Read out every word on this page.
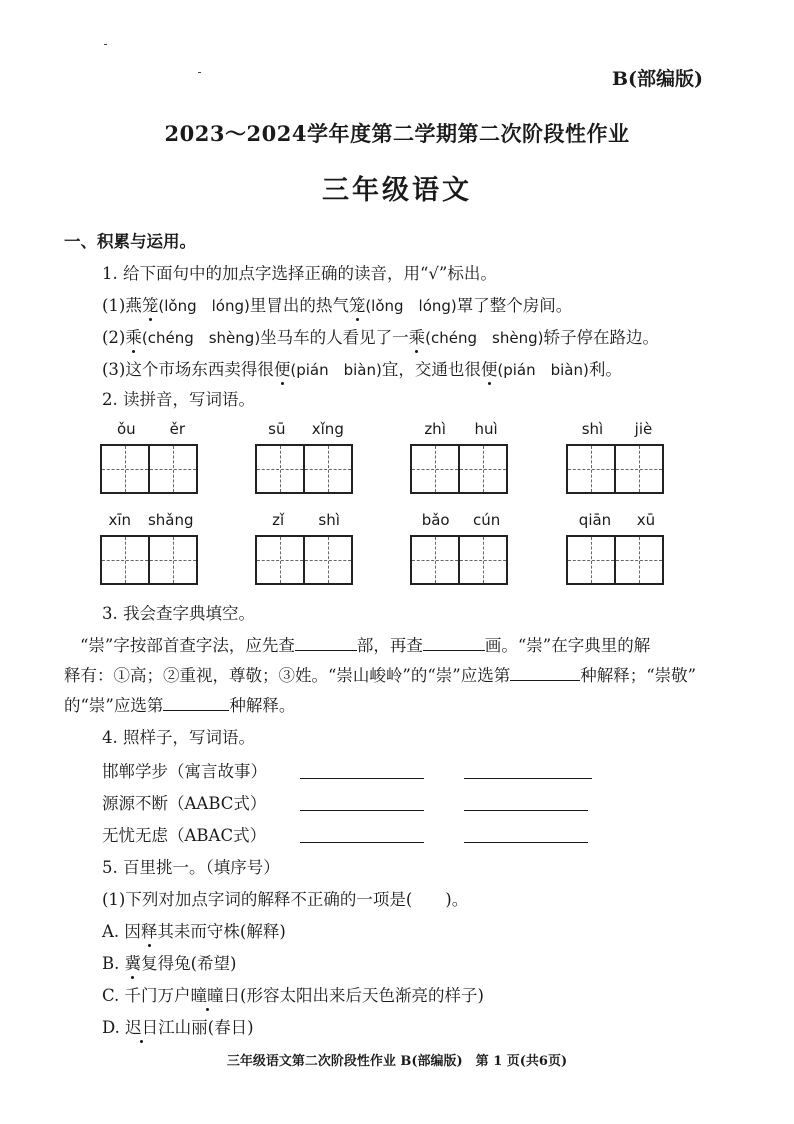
B(部编版)
2023～2024学年度第二学期第二次阶段性作业
三年级语文
一、积累与运用。
1. 给下面句中的加点字选择正确的读音，用“√”标出。
(1)燕笼(lǒng　lóng)里冒出的热气笼(lǒng　lóng)罩了整个房间。
(2)乘(chéng　shèng)坐马车的人看见了一乘(chéng　shèng)轿子停在路边。
(3)这个市场东西卖得很便(pián　biàn)宜，交通也很便(pián　biàn)利。
2. 读拼音，写词语。
ǒu ěr	sū xǐng	zhì huì	shì jiè
xīn shǎng	zǐ shì	bǎo cún	qiān xū
3. 我会查字典填空。
“崇”字按部首查字法，应先查	部，再查	画。“崇”在字典里的解
释有：①高；②重视，尊敬；③姓。“崇山峻岭”的“崇”应选第	种解释；“崇敬”
的“崇”应选第	种解释。
4. 照样子，写词语。
邯郸学步（寓言故事）
源源不断（AABC式）
无忧无虑（ABAC式）
5. 百里挑一。（填序号）
(1)下列对加点字词的解释不正确的一项是(　　)。
A. 因释其耒而守株(解释)
B. 冀复得兔(希望)
C. 千门万户曈曈日(形容太阳出来后天色渐亮的样子)
D. 迟日江山丽(春日)
三年级语文第二次阶段性作业 B(部编版)　第 1 页(共6页)
